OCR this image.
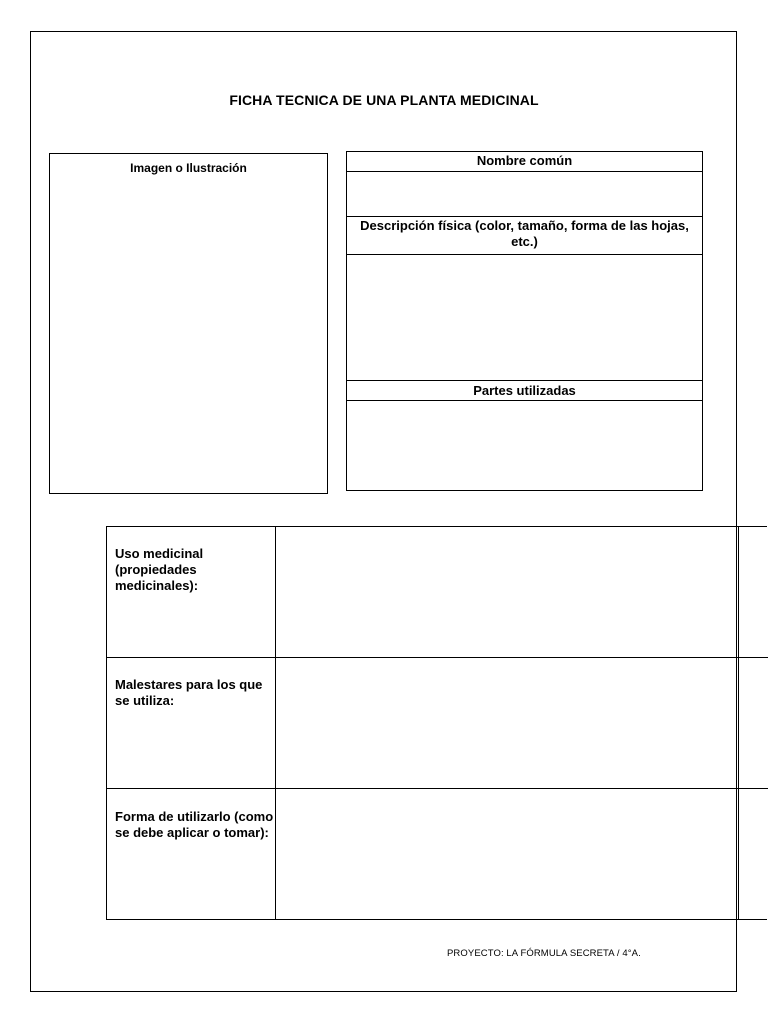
FICHA TECNICA DE UNA PLANTA MEDICINAL
Imagen o Ilustración	Nombre común
Descripción física (color, tamaño, forma de las hojas, etc.)
Partes utilizadas
Uso medicinal (propiedades medicinales):
Malestares para los que se utiliza:
Forma de utilizarlo (como se debe aplicar o tomar):
PROYECTO: LA FÓRMULA SECRETA / 4°A.
